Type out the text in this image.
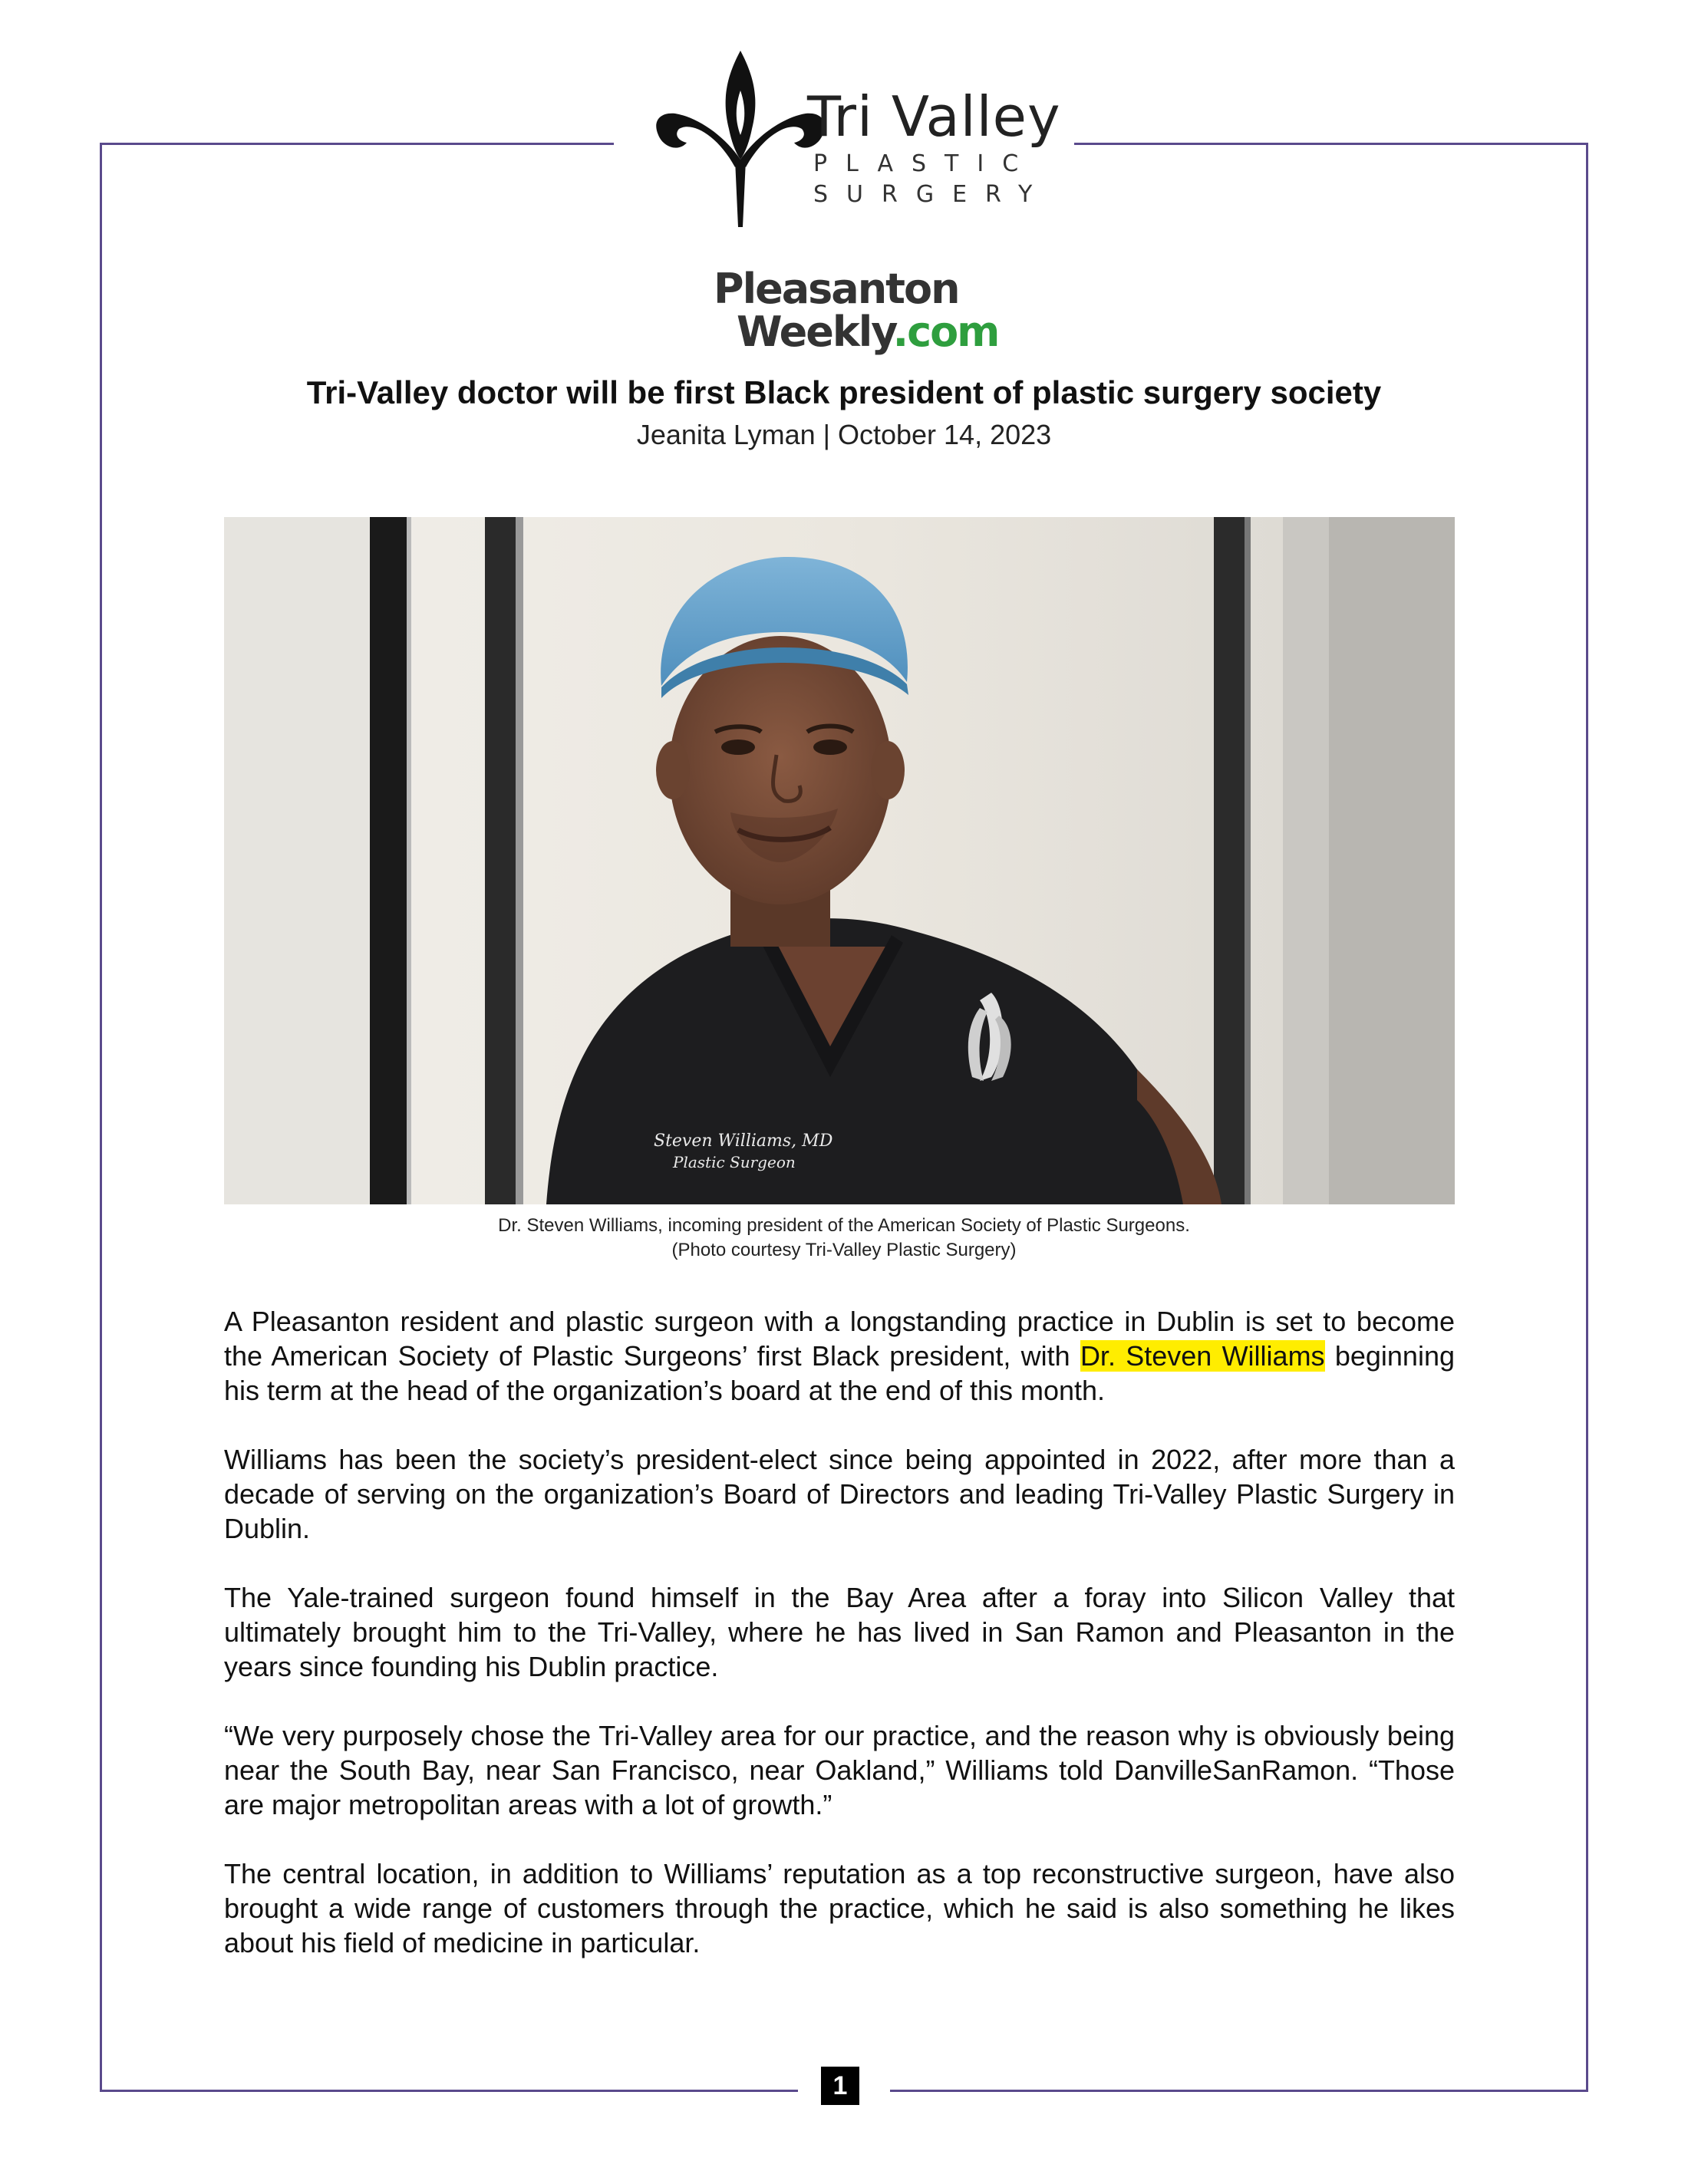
Tri Valley
PLASTIC
SURGERY
Pleasanton
Weekly.com
Tri-Valley doctor will be first Black president of plastic surgery society
Jeanita Lyman | October 14, 2023
Steven Williams, MD
Plastic Surgeon
Dr. Steven Williams, incoming president of the American Society of Plastic Surgeons.
(Photo courtesy Tri-Valley Plastic Surgery)

A Pleasanton resident and plastic surgeon with a longstanding practice in Dublin is set to become the American Society of Plastic Surgeons’ first Black president, with Dr. Steven Williams beginning his term at the head of the organization’s board at the end of this month.

Williams has been the society’s president-elect since being appointed in 2022, after more than a decade of serving on the organization’s Board of Directors and leading Tri-Valley Plastic Surgery in Dublin.

The Yale-trained surgeon found himself in the Bay Area after a foray into Silicon Valley that ultimately brought him to the Tri-Valley, where he has lived in San Ramon and Pleasanton in the years since founding his Dublin practice.

“We very purposely chose the Tri-Valley area for our practice, and the reason why is obviously being near the South Bay, near San Francisco, near Oakland,” Williams told DanvilleSanRamon. “Those are major metropolitan areas with a lot of growth.”

The central location, in addition to Williams’ reputation as a top reconstructive surgeon, have also brought a wide range of customers through the practice, which he said is also something he likes about his field of medicine in particular.

1
